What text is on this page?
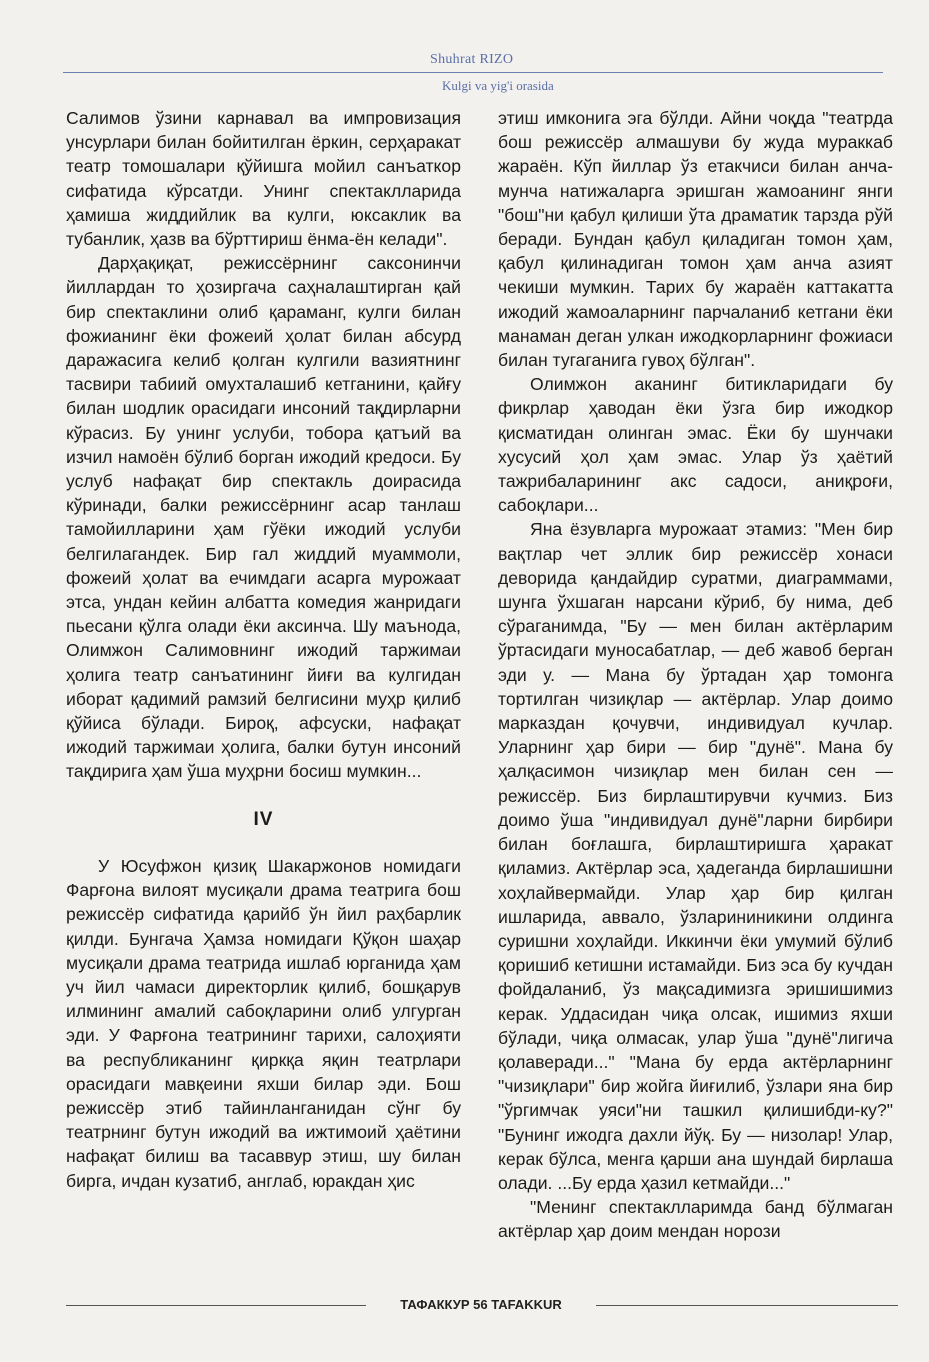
Shuhrat RIZO
Kulgi va yig'i orasida

Салимов ўзини карнавал ва импровизация унсурлари билан бойитилган ёркин, серҳаракат театр томошалари қўйишга мойил санъаткор сифатида кўрсатди. Унинг спектаклларида ҳамиша жиддийлик ва кулги, юксаклик ва тубанлик, ҳазв ва бўрттириш ёнма-ён келади".

Дарҳақиқат, режиссёрнинг саксонинчи йиллардан то ҳозиргача саҳналаштирган қай бир спектаклини олиб қараманг, кулги билан фожианинг ёки фожеий ҳолат билан абсурд даражасига келиб қолган кулгили вазиятнинг тасвири табиий омухталашиб кетганини, қайғу билан шодлик орасидаги инсоний тақдирларни кўрасиз. Бу унинг услуби, тобора қатъий ва изчил намоён бўлиб борган ижодий кредоси. Бу услуб нафақат бир спектакль доирасида кўринади, балки режиссёрнинг асар танлаш тамойилларини ҳам гўёки ижодий услуби белгилагандек. Бир гал жиддий муаммоли, фожеий ҳолат ва ечимдаги асарга мурожаат этса, ундан кейин албатта комедия жанридаги пьесани қўлга олади ёки аксинча. Шу маънода, Олимжон Салимовнинг ижодий таржимаи ҳолига театр санъатининг йиғи ва кулгидан иборат қадимий рамзий белгисини муҳр қилиб қўйиса бўлади. Бироқ, афсуски, нафақат ижодий таржимаи ҳолига, балки бутун инсоний тақдирига ҳам ўша муҳрни босиш мумкин...

IV

У Юсуфжон қизиқ Шакаржонов номидаги Фарғона вилоят мусиқали драма театрига бош режиссёр сифатида қарийб ўн йил раҳбарлик қилди. Бунгача Ҳамза номидаги Қўқон шаҳар мусиқали драма театрида ишлаб юрганида ҳам уч йил чамаси директорлик қилиб, бошқарув илмининг амалий сабоқларини олиб улгурган эди. У Фарғона театрининг тарихи, салоҳияти ва республиканинг қиркқа яқин театрлари орасидаги мавқеини яхши билар эди. Бош режиссёр этиб тайинланганидан сўнг бу театрнинг бутун ижодий ва ижтимоий ҳаётини нафақат билиш ва тасаввур этиш, шу билан бирга, ичдан кузатиб, англаб, юракдан ҳис

этиш имконига эга бўлди. Айни чоқда "театрда бош режиссёр алмашуви бу жуда мураккаб жараён. Кўп йиллар ўз етакчиси билан анча-мунча натижаларга эришган жамоанинг янги "бош"ни қабул қилиши ўта драматик тарзда рўй беради. Бундан қабул қиладиган томон ҳам, қабул қилинадиган томон ҳам анча азият чекиши мумкин. Тарих бу жараён каттакатта ижодий жамоаларнинг парчаланиб кетгани ёки манаман деган улкан ижодкорларнинг фожиаси билан тугаганига гувоҳ бўлган".

Олимжон аканинг битикларидаги бу фикрлар ҳаводан ёки ўзга бир ижодкор қисматидан олинган эмас. Ёки бу шунчаки хусусий ҳол ҳам эмас. Улар ўз ҳаётий тажрибаларининг акс садоси, аниқроғи, сабоқлари...

Яна ёзувларга мурожаат этамиз: "Мен бир вақтлар чет эллик бир режиссёр хонаси деворида қандайдир суратми, диаграммами, шунга ўхшаган нарсани кўриб, бу нима, деб сўраганимда, "Бу — мен билан актёрларим ўртасидаги муносабатлар, — деб жавоб берган эди у. — Мана бу ўртадан ҳар томонга тортилган чизиқлар — актёрлар. Улар доимо марказдан қочувчи, индивидуал кучлар. Уларнинг ҳар бири — бир "дунё". Мана бу ҳалқасимон чизиқлар мен билан сен — режиссёр. Биз бирлаштирувчи кучмиз. Биз доимо ўша "индивидуал дунё"ларни бирбири билан боғлашга, бирлаштиришга ҳаракат қиламиз. Актёрлар эса, ҳадеганда бирлашишни хоҳлайвермайди. Улар ҳар бир қилган ишларида, аввало, ўзларининикини олдинга суришни хоҳлайди. Иккинчи ёки умумий бўлиб қоришиб кетишни истамайди. Биз эса бу кучдан фойдаланиб, ўз мақсадимизга эришишимиз керак. Уддасидан чиқа олсак, ишимиз яхши бўлади, чиқа олмасак, улар ўша "дунё"лигича қолаверади..." "Мана бу ерда актёрларнинг "чизиқлари" бир жойга йиғилиб, ўзлари яна бир "ўргимчак уяси"ни ташкил қилишибди-ку?" "Бунинг ижодга дахли йўқ. Бу — низолар! Улар, керак бўлса, менга қарши ана шундай бирлаша олади. ...Бу ерда ҳазил кетмайди..."

"Менинг спектаклларимда банд бўлмаган актёрлар ҳар доим мендан норози

ТАФАККУР 56 TAFAKKUR
